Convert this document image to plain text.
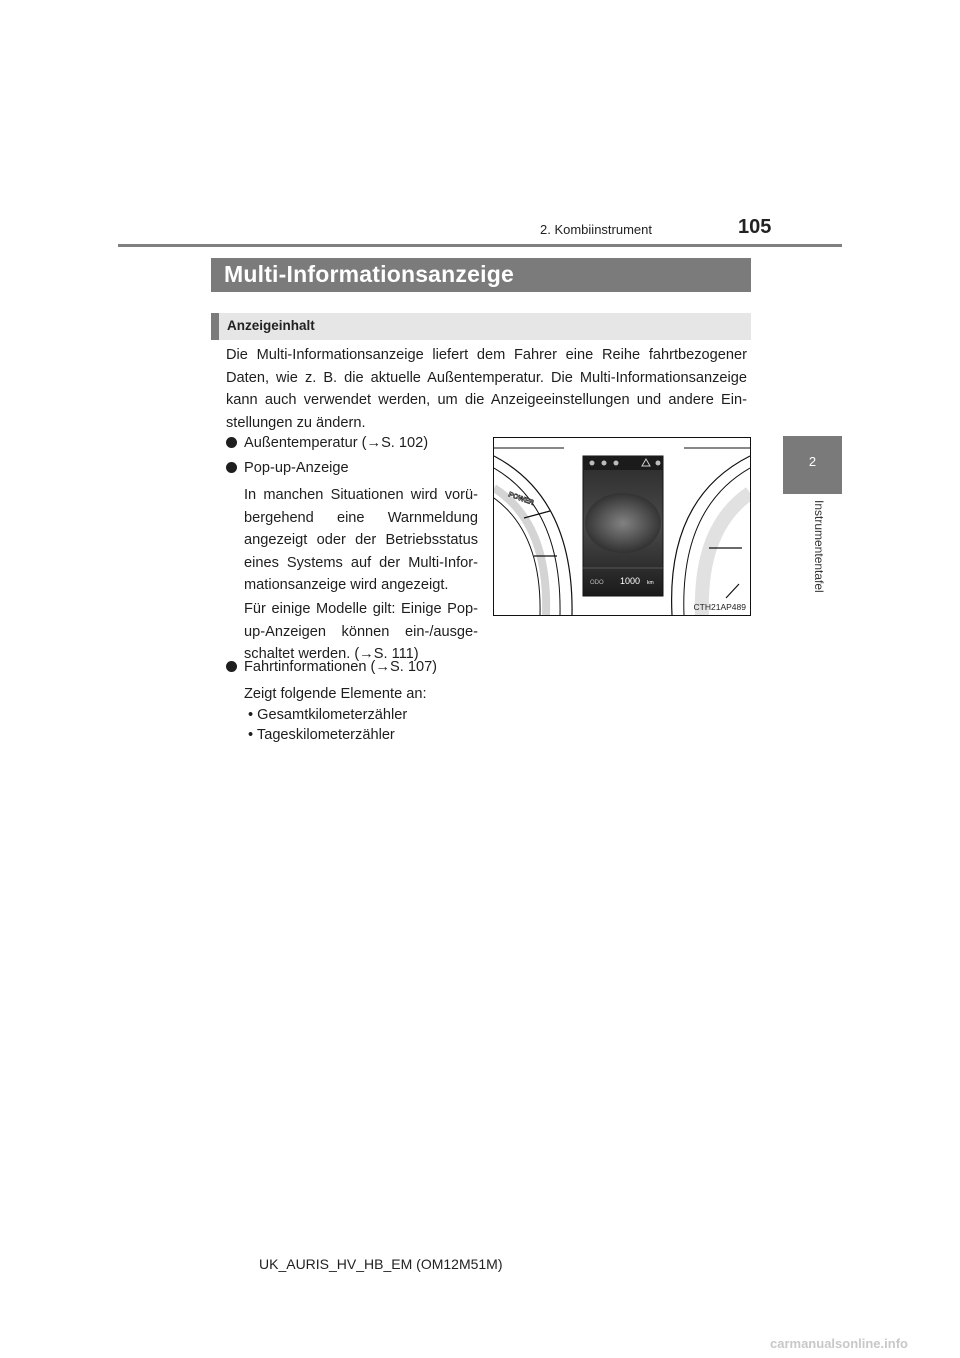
2. Kombiinstrument	105
2
Instrumententafel
Multi-Informationsanzeige
Anzeigeinhalt

Die Multi-Informationsanzeige liefert dem Fahrer eine Reihe fahrtbezogener Daten, wie z. B. die aktuelle Außentemperatur. Die Multi-Informationsanzeige kann auch verwendet werden, um die Anzeigeeinstellungen und andere Ein-stellungen zu ändern.

Außentemperatur (→S. 102)
Pop-up-Anzeige

In manchen Situationen wird vorü-bergehend eine Warnmeldung angezeigt oder der Betriebsstatus eines Systems auf der Multi-Infor-mationsanzeige wird angezeigt.

Für einige Modelle gilt: Einige Pop-up-Anzeigen können ein-/ausge-schaltet werden. (→S. 111)

Fahrtinformationen (→S. 107)
Zeigt folgende Elemente an:
• Gesamtkilometerzähler
• Tageskilometerzähler
POWER
ODO 1000 km
CTH21AP489
UK_AURIS_HV_HB_EM (OM12M51M)
carmanualsonline.info
